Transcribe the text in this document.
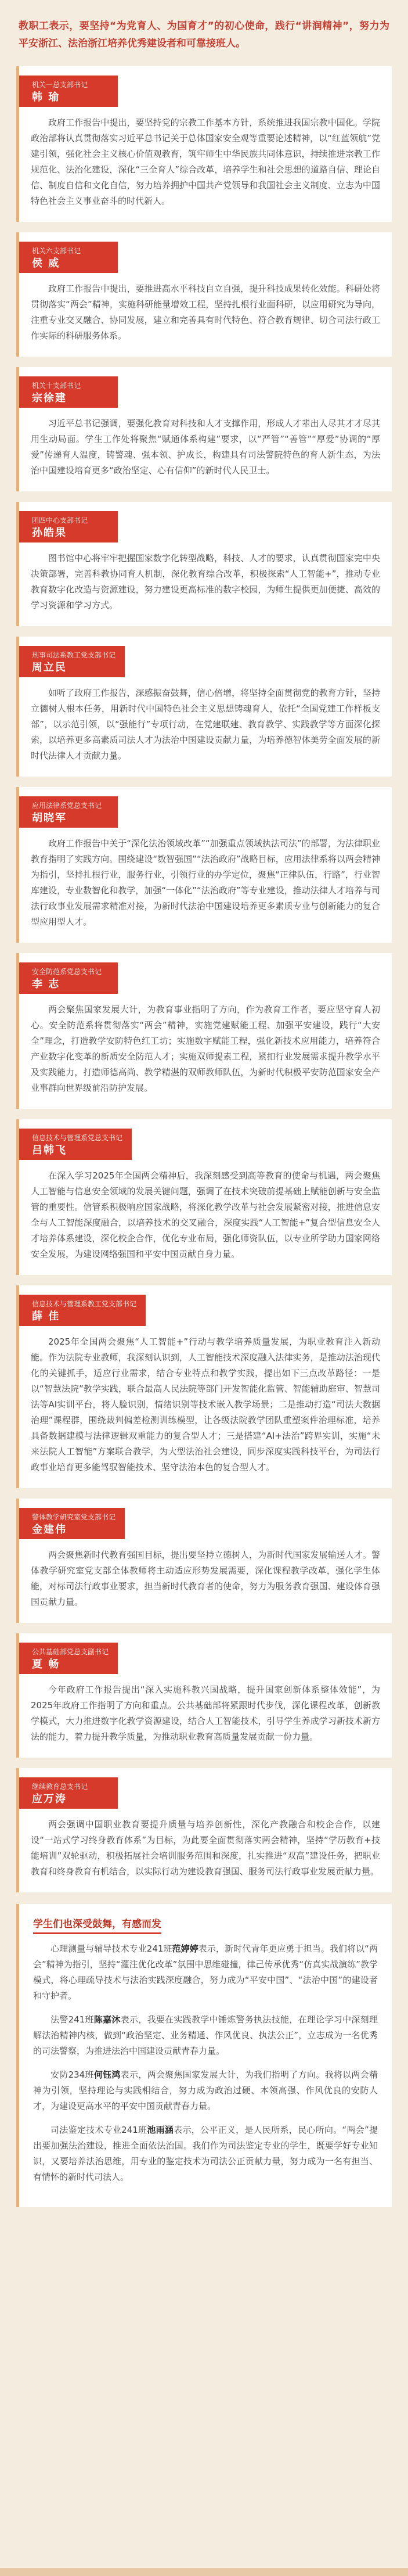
教职工表示，要坚持“为党育人、为国育才”的初心使命，践行“讲润精神”，努力为平安浙江、法治浙江培养优秀建设者和可靠接班人。

机关一总支部书记
韩 瑜
政府工作报告中提出，要坚持党的宗教工作基本方针，系统推进我国宗教中国化。学院政治部将认真贯彻落实习近平总书记关于总体国家安全观等重要论述精神，以“红蓝领航”党建引领，强化社会主义核心价值观教育，筑牢师生中华民族共同体意识，持续推进宗教工作规范化、法治化建设，深化“三全育人”综合改革，培养学生和社会思想的道路自信、理论自信、制度自信和文化自信，努力培养拥护中国共产党领导和我国社会主义制度、立志为中国特色社会主义事业奋斗的时代新人。
机关六支部书记
侯 威
政府工作报告中提出，要推进高水平科技自立自强，提升科技成果转化效能。科研处将贯彻落实“两会”精神，实施科研能量增效工程，坚持扎根行业面科研，以应用研究为导向，注重专业交叉融合、协同发展，建立和完善具有时代特色、符合教育规律、切合司法行政工作实际的科研服务体系。
机关十支部书记
宗徐建
习近平总书记强调，要强化教育对科技和人才支撑作用，形成人才辈出人尽其才才尽其用生动局面。学生工作处将聚焦“赋通体系构建”要求，以“严管”“善管”“厚爱”协调的“厚爱”传递育人温度，铸警魂、强本领、护成长，构建具有司法警院特色的育人新生态，为法治中国建设培育更多“政治坚定、心有信仰”的新时代人民卫士。
团四中心支部书记
孙皓果
图书馆中心将牢牢把握国家数字化转型战略，科技、人才的要求，认真贯彻国家完中央决策部署，完善科教协同育人机制，深化教育综合改革，积极探索“人工智能+”，推动专业教育数字化改造与资源建设，努力建设更高标准的数字校园，为师生提供更加便捷、高效的学习资源和学习方式。
刑事司法系教工党支部书记
周立民
如听了政府工作报告，深感振奋鼓舞，信心倍增，将坚持全面贯彻党的教育方针，坚持立德树人根本任务，用新时代中国特色社会主义思想铸魂育人，依托“全国党建工作样板支部”，以示范引领，以“强能行”专项行动，在党建联建、教育教学、实践教学等方面深化探索，以培养更多高素质司法人才为法治中国建设贡献力量，为培养德智体美劳全面发展的新时代法律人才贡献力量。
应用法律系党总支书记
胡晓军
政府工作报告中关于“深化法治领域改革”“加强重点领域执法司法”的部署，为法律职业教育指明了实践方向。围绕建设“数智强国”“法治政府”战略目标，应用法律系将以两会精神为指引，坚持扎根行业，服务行业，引领行业的办学定位，聚焦“正律队伍，行路”，行业智库建设，专业数智化和教学，加强“一体化”“法治政府”等专业建设，推动法律人才培养与司法行政事业发展需求精准对接，为新时代法治中国建设培养更多素质专业与创新能力的复合型应用型人才。
安全防范系党总支书记
李 志
两会聚焦国家发展大计，为教育事业指明了方向，作为教育工作者，要应坚守育人初心。安全防范系将贯彻落实“两会”精神，实施党建赋能工程、加强平安建设，践行“大安全”理念，打造教学安防特色红工坊；实施数字赋能工程，强化新技术应用能力，培养符合产业数字化变革的新质安全防范人才；实施双师提素工程，紧扣行业发展需求提升教学水平及实践能力，打造师德高尚、教学精湛的双师教师队伍，为新时代积极平安防范国家安全产业事群向世界级前沿防护发展。
信息技术与管理系党总支书记
吕韩飞
在深入学习2025年全国两会精神后，我深刻感受到高等教育的使命与机遇，两会聚焦人工智能与信息安全领域的发展关键问题，强调了在技术突破前提基础上赋能创新与安全监管的重要性。信管系积极响应国家战略，将深化教学改革与社会发展紧密对接，推进信息安全与人工智能深度融合，以培养技术的交叉融合，深度实践“人工智能+”复合型信息安全人才培养体系建设，深化校企合作，优化专业布局，强化师资队伍，以专业所学助力国家网络安全发展，为建设网络强国和平安中国贡献自身力量。
信息技术与管理系教工党支部书记
薛 佳
2025年全国两会聚焦“人工智能+”行动与教学培养质量发展，为职业教育注入新动能。作为法院专业教师，我深刻认识到，人工智能技术深度融入法律实务，是推动法治现代化的关键抓手，适应行业需求，结合专业特点和教学实践，提出如下三点改革路径：一是以“智慧法院”教学实践，联合最高人民法院等部门开发智能化监管、智能辅助庭审、智慧司法等AI实训平台，将人脸识别，情绪识别等技术嵌入教学场景；二是推动打造“司法大数据治理”课程群，围绕裁判偏差检测训练模型，让各级法院教学团队重塑案件治理标准，培养具备数据建模与法律逻辑双重能力的复合型人才；三是搭建“AI+法治”跨界实训，实施“未来法院人工智能”方案联合教学，为大型法治社会建设，同步深度实践科技平台，为司法行政事业培育更多能驾驭智能技术、坚守法治本色的复合型人才。
警体教学研究室党支部书记
金建伟
两会聚焦新时代教育强国目标，提出要坚持立德树人，为新时代国家发展输送人才。警体教学研究室党支部全体教师将主动适应形势发展需要，深化课程教学改革，强化学生体能，对标司法行政事业要求，担当新时代教育者的使命，努力为服务教育强国、建设体育强国贡献力量。
公共基础部党总支副书记
夏 畅
今年政府工作报告提出“深入实施科教兴国战略，提升国家创新体系整体效能”，为2025年政府工作指明了方向和重点。公共基础部将紧跟时代步伐，深化课程改革，创新教学模式，大力推进数字化教学资源建设，结合人工智能技术，引导学生养成学习新技术新方法的能力，着力提升教学质量，为推动职业教育高质量发展贡献一份力量。
继续教育总支书记
应万涛
两会强调中国职业教育要提升质量与培养创新性，深化产教融合和校企合作，以建设“一站式学习终身教育体系”为目标，为此要全面贯彻落实两会精神，坚持“学历教育+技能培训”双轮驱动，积极拓展社会培训服务范围和深度，扎实推进“双高”建设任务，把职业教育和终身教育有机结合，以实际行动为建设教育强国、服务司法行政事业发展贡献力量。
学生们也深受鼓舞，有感而发
心理测量与辅导技术专业241班范婷婷表示，新时代青年更应勇于担当。我们将以“两会”精神为指引，坚持“灌注优化改革”氛围中思维碰撞，律己传承优秀“仿真实战演练”教学模式，将心理疏导技术与法治实践深度融合，努力成为“平安中国”、“法治中国”的建设者和守护者。
法警241班陈嘉沐表示，我要在实践教学中锤炼警务执法技能，在理论学习中深刻理解法治精神内核，做到“政治坚定、业务精通、作风优良、执法公正”，立志成为一名优秀的司法警察，为推进法治中国建设贡献青春力量。
安防234班何钰鸿表示，两会聚焦国家发展大计，为我们指明了方向。我将以两会精神为引领，坚持理论与实践相结合，努力成为政治过硬、本领高强、作风优良的安防人才，为建设更高水平的平安中国贡献青春力量。
司法鉴定技术专业241班池雨涵表示，公平正义，是人民所系，民心所向。“两会”提出要加强法治建设，推进全面依法治国。我们作为司法鉴定专业的学生，既要学好专业知识，又要培养法治思维，用专业的鉴定技术为司法公正贡献力量，努力成为一名有担当、有情怀的新时代司法人。
